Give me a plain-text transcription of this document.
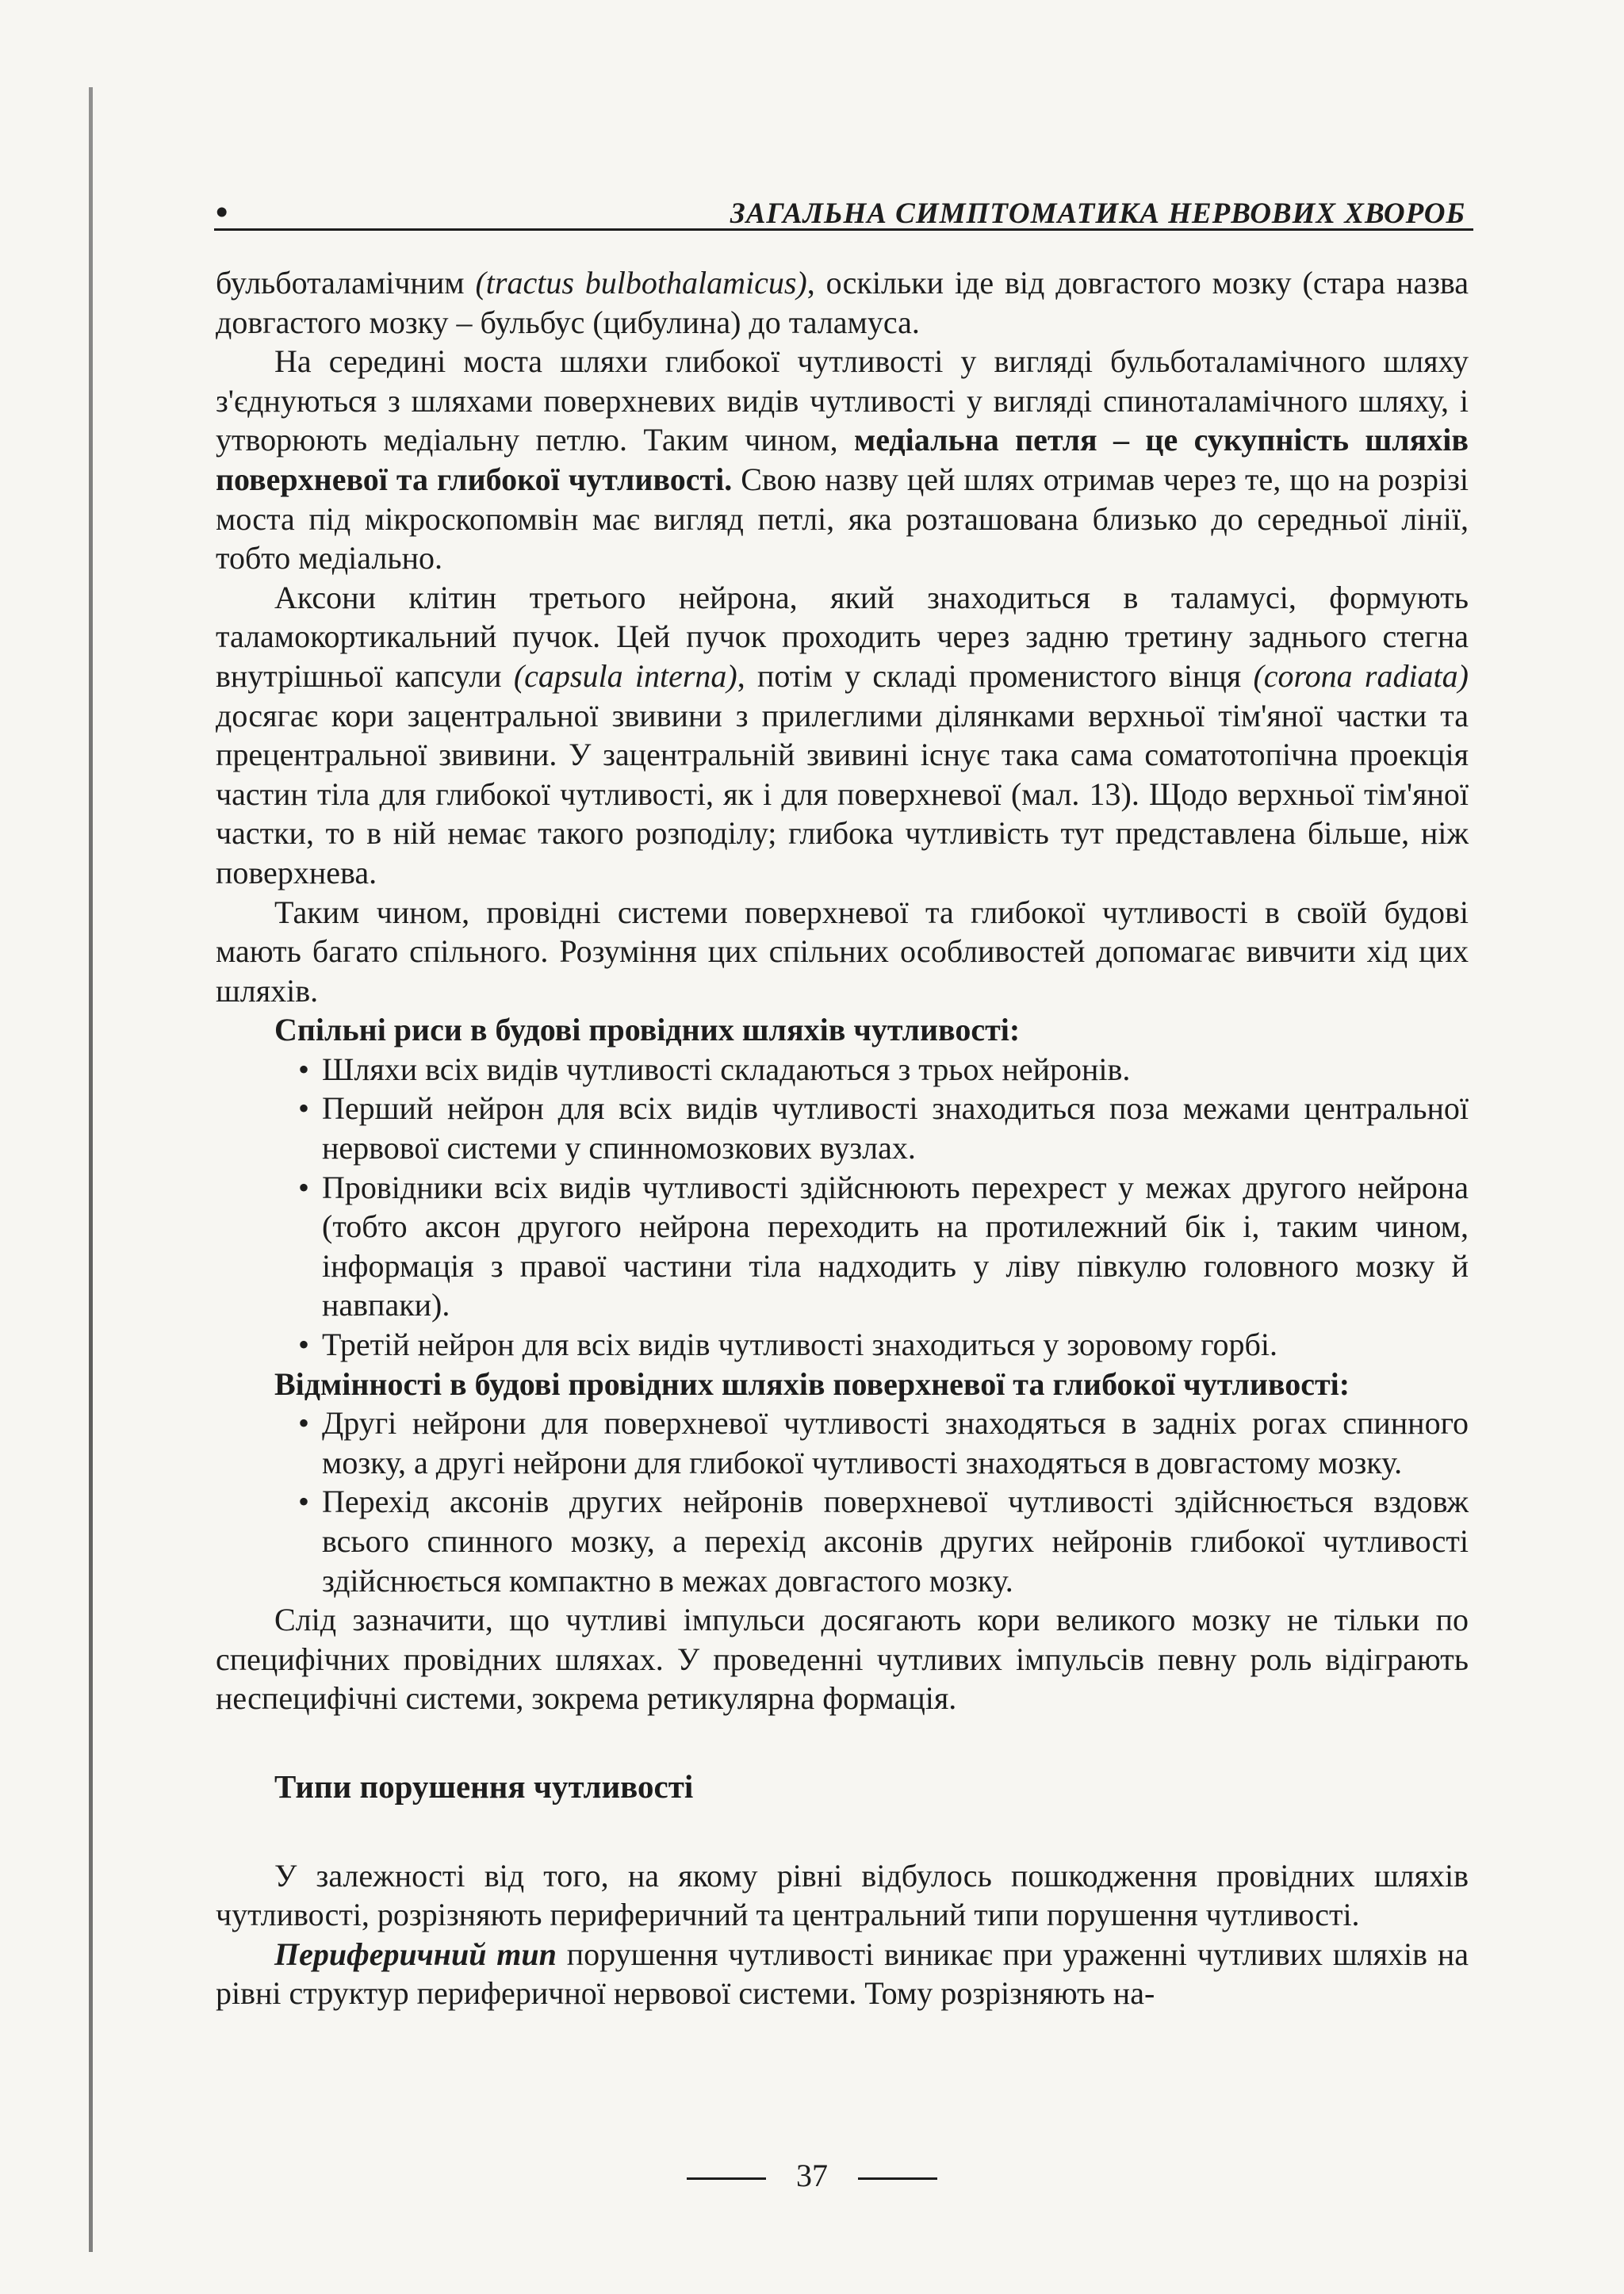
•	ЗАГАЛЬНА СИМПТОМАТИКА НЕРВОВИХ ХВОРОБ

бульботаламічним (tractus bulbothalamicus), оскільки іде від довгастого мозку (стара назва довгастого мозку – бульбус (цибулина) до таламуса.

На середині моста шляхи глибокої чутливості у вигляді бульботаламічного шляху з'єднуються з шляхами поверхневих видів чутливості у вигляді спиноталамічного шляху, і утворюють медіальну петлю. Таким чином, медіальна петля – це сукупність шляхів поверхневої та глибокої чутливості. Свою назву цей шлях отримав через те, що на розрізі моста під мікроскопомвін має вигляд петлі, яка розташована близько до середньої лінії, тобто медіально.

Аксони клітин третього нейрона, який знаходиться в таламусі, формують таламокортикальний пучок. Цей пучок проходить через задню третину заднього стегна внутрішньої капсули (capsula interna), потім у складі променистого вінця (corona radiata) досягає кори зацентральної звивини з прилеглими ділянками верхньої тім'яної частки та прецентральної звивини. У зацентральній звивині існує така сама соматотопічна проекція частин тіла для глибокої чутливості, як і для поверхневої (мал. 13). Щодо верхньої тім'яної частки, то в ній немає такого розподілу; глибока чутливість тут представлена більше, ніж поверхнева.

Таким чином, провідні системи поверхневої та глибокої чутливості в своїй будові мають багато спільного. Розуміння цих спільних особливостей допомагає вивчити хід цих шляхів.

Спільні риси в будові провідних шляхів чутливості:

• Шляхи всіх видів чутливості складаються з трьох нейронів.
• Перший нейрон для всіх видів чутливості знаходиться поза межами центральної нервової системи у спинномозкових вузлах.
• Провідники всіх видів чутливості здійснюють перехрест у межах другого нейрона (тобто аксон другого нейрона переходить на протилежний бік і, таким чином, інформація з правої частини тіла надходить у ліву півкулю головного мозку й навпаки).
• Третій нейрон для всіх видів чутливості знаходиться у зоровому горбі.

Відмінності в будові провідних шляхів поверхневої та глибокої чутливості:

• Другі нейрони для поверхневої чутливості знаходяться в задніх рогах спинного мозку, а другі нейрони для глибокої чутливості знаходяться в довгастому мозку.
• Перехід аксонів других нейронів поверхневої чутливості здійснюється вздовж всього спинного мозку, а перехід аксонів других нейронів глибокої чутливості здійснюється компактно в межах довгастого мозку.

Слід зазначити, що чутливі імпульси досягають кори великого мозку не тільки по специфічних провідних шляхах. У проведенні чутливих імпульсів певну роль відіграють неспецифічні системи, зокрема ретикулярна формація.

Типи порушення чутливості

У залежності від того, на якому рівні відбулось пошкодження провідних шляхів чутливості, розрізняють периферичний та центральний типи порушення чутливості.

Периферичний тип порушення чутливості виникає при ураженні чутливих шляхів на рівні структур периферичної нервової системи. Тому розрізняють на-

37
